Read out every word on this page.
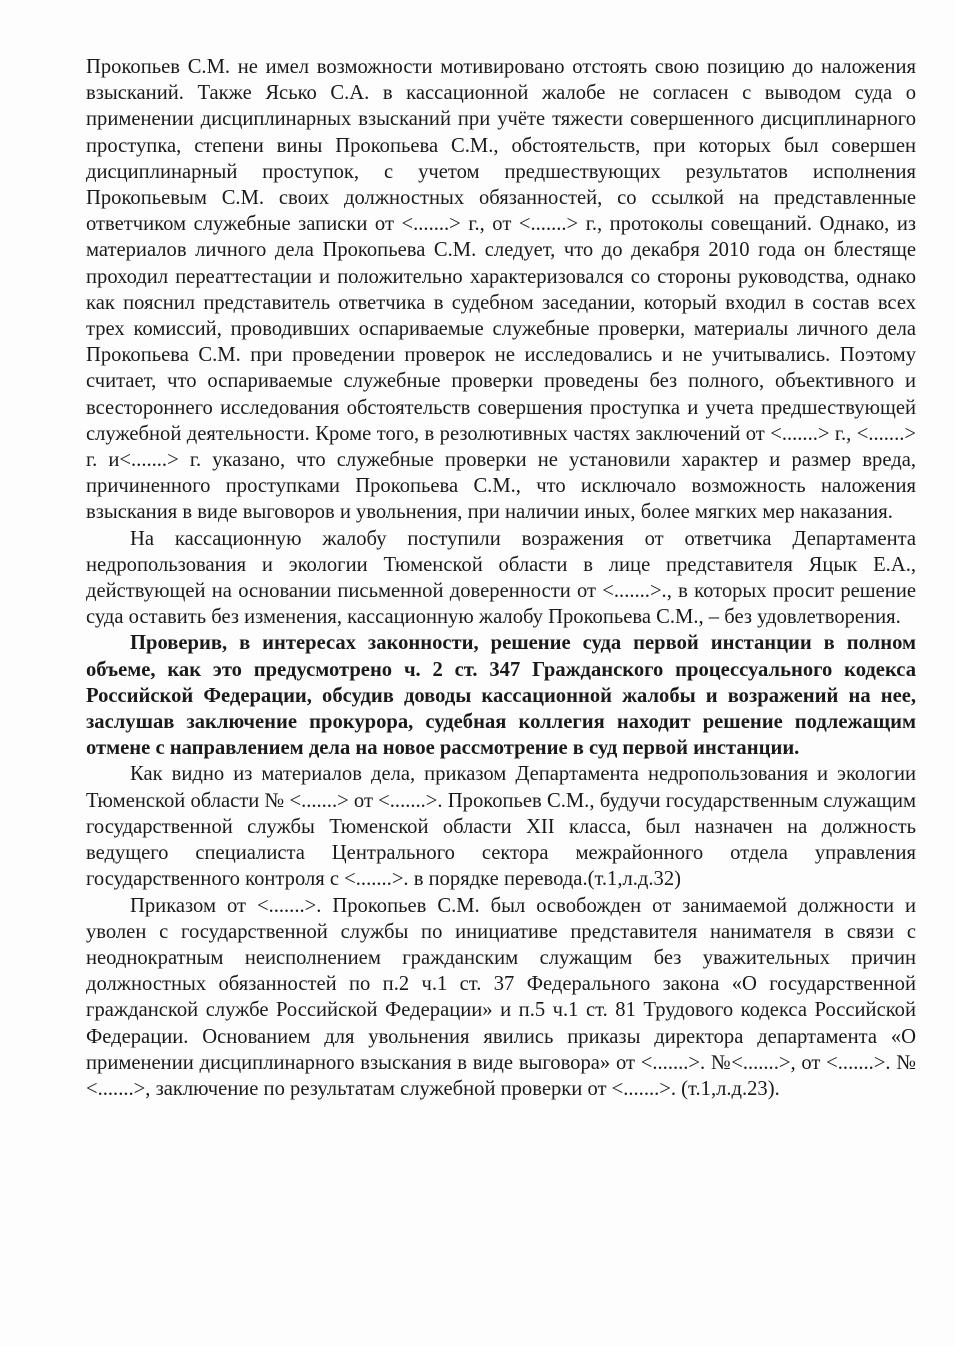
Прокопьев С.М. не имел возможности мотивировано отстоять свою позицию до наложения взысканий. Также Ясько С.А. в кассационной жалобе не согласен с выводом суда о применении дисциплинарных взысканий при учёте тяжести совершенного дисциплинарного проступка, степени вины Прокопьева С.М., обстоятельств, при которых был совершен дисциплинарный проступок, с учетом предшествующих результатов исполнения Прокопьевым С.М. своих должностных обязанностей, со ссылкой на представленные ответчиком служебные записки от <.......> г., от <.......> г., протоколы совещаний. Однако, из материалов личного дела Прокопьева С.М. следует, что до декабря 2010 года он блестяще проходил переаттестации и положительно характеризовался со стороны руководства, однако как пояснил представитель ответчика в судебном заседании, который входил в состав всех трех комиссий, проводивших оспариваемые служебные проверки, материалы личного дела Прокопьева С.М. при проведении проверок не исследовались и не учитывались. Поэтому считает, что оспариваемые служебные проверки проведены без полного, объективного и всестороннего исследования обстоятельств совершения проступка и учета предшествующей служебной деятельности. Кроме того, в резолютивных частях заключений от <.......> г., <.......> г. и<.......> г. указано, что служебные проверки не установили характер и размер вреда, причиненного проступками Прокопьева С.М., что исключало возможность наложения взыскания в виде выговоров и увольнения, при наличии иных, более мягких мер наказания.

На кассационную жалобу поступили возражения от ответчика Департамента недропользования и экологии Тюменской области в лице представителя Яцык Е.А., действующей на основании письменной доверенности от <.......>., в которых просит решение суда оставить без изменения, кассационную жалобу Прокопьева С.М., – без удовлетворения.

Проверив, в интересах законности, решение суда первой инстанции в полном объеме, как это предусмотрено ч. 2 ст. 347 Гражданского процессуального кодекса Российской Федерации, обсудив доводы кассационной жалобы и возражений на нее, заслушав заключение прокурора, судебная коллегия находит решение подлежащим отмене с направлением дела на новое рассмотрение в суд первой инстанции.

Как видно из материалов дела, приказом Департамента недропользования и экологии Тюменской области № <.......> от <.......>. Прокопьев С.М., будучи государственным служащим государственной службы Тюменской области XII класса, был назначен на должность ведущего специалиста Центрального сектора межрайонного отдела управления государственного контроля с <.......>. в порядке перевода.(т.1,л.д.32)

Приказом от <.......>. Прокопьев С.М. был освобожден от занимаемой должности и уволен с государственной службы по инициативе представителя нанимателя в связи с неоднократным неисполнением гражданским служащим без уважительных причин должностных обязанностей по п.2 ч.1 ст. 37 Федерального закона «О государственной гражданской службе Российской Федерации» и п.5 ч.1 ст. 81 Трудового кодекса Российской Федерации. Основанием для увольнения явились приказы директора департамента «О применении дисциплинарного взыскания в виде выговора» от <.......>. №<.......>, от <.......>. № <.......>, заключение по результатам служебной проверки от <.......>. (т.1,л.д.23).
